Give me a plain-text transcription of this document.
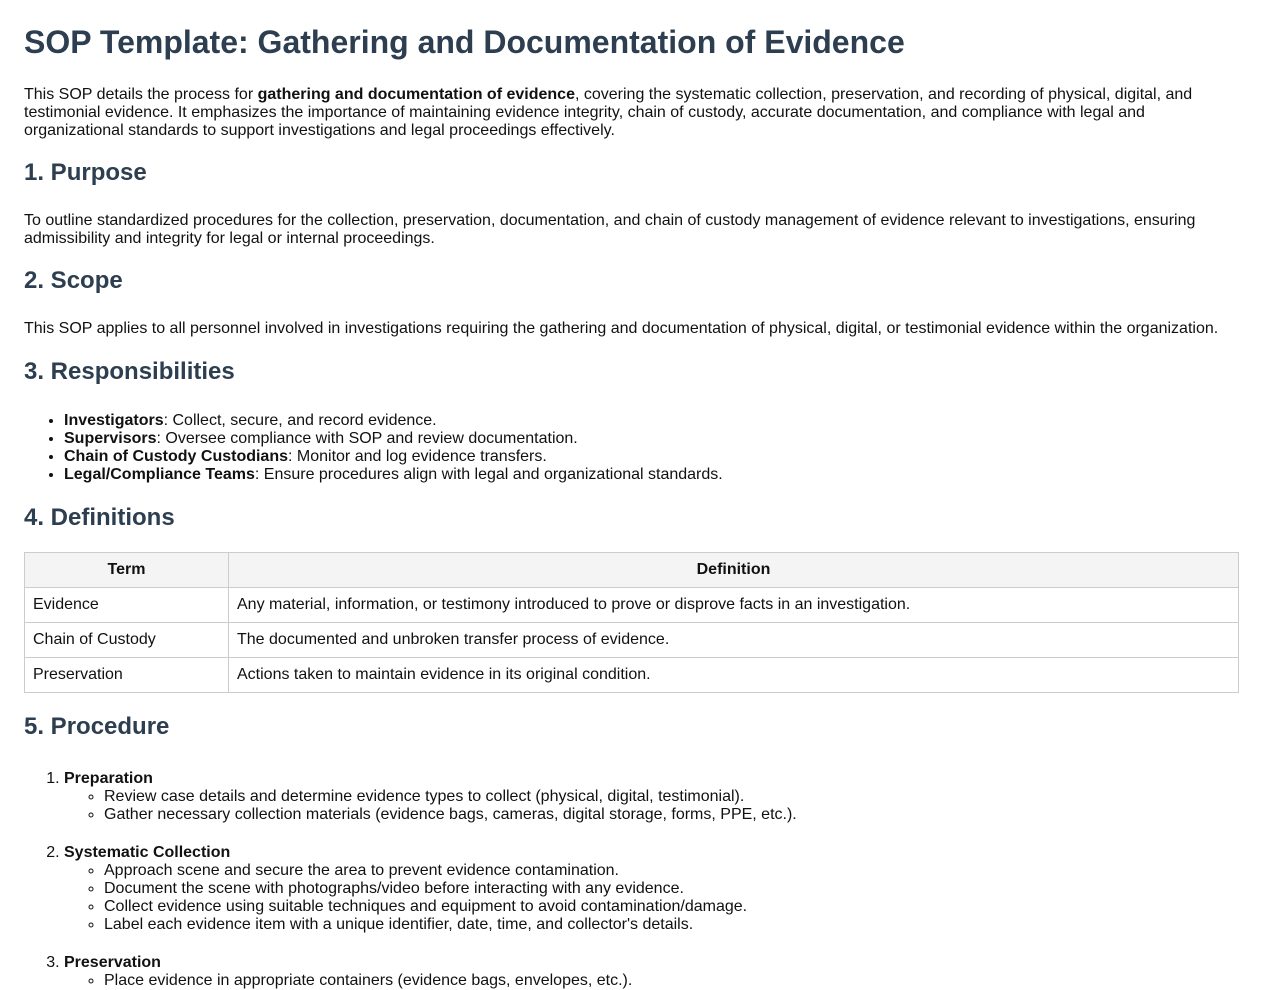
SOP Template: Gathering and Documentation of Evidence

This SOP details the process for gathering and documentation of evidence, covering the systematic collection, preservation, and recording of physical, digital, and testimonial evidence. It emphasizes the importance of maintaining evidence integrity, chain of custody, accurate documentation, and compliance with legal and organizational standards to support investigations and legal proceedings effectively.

1. Purpose

To outline standardized procedures for the collection, preservation, documentation, and chain of custody management of evidence relevant to investigations, ensuring admissibility and integrity for legal or internal proceedings.

2. Scope

This SOP applies to all personnel involved in investigations requiring the gathering and documentation of physical, digital, or testimonial evidence within the organization.

3. Responsibilities
• Investigators: Collect, secure, and record evidence.
• Supervisors: Oversee compliance with SOP and review documentation.
• Chain of Custody Custodians: Monitor and log evidence transfers.
• Legal/Compliance Teams: Ensure procedures align with legal and organizational standards.
4. Definitions
Term	Definition
Evidence	Any material, information, or testimony introduced to prove or disprove facts in an investigation.
Chain of Custody	The documented and unbroken transfer process of evidence.
Preservation	Actions taken to maintain evidence in its original condition.
5. Procedure
1. Preparation
◦ Review case details and determine evidence types to collect (physical, digital, testimonial).
◦ Gather necessary collection materials (evidence bags, cameras, digital storage, forms, PPE, etc.).
2. Systematic Collection
◦ Approach scene and secure the area to prevent evidence contamination.
◦ Document the scene with photographs/video before interacting with any evidence.
◦ Collect evidence using suitable techniques and equipment to avoid contamination/damage.
◦ Label each evidence item with a unique identifier, date, time, and collector's details.
3. Preservation
◦ Place evidence in appropriate containers (evidence bags, envelopes, etc.).
